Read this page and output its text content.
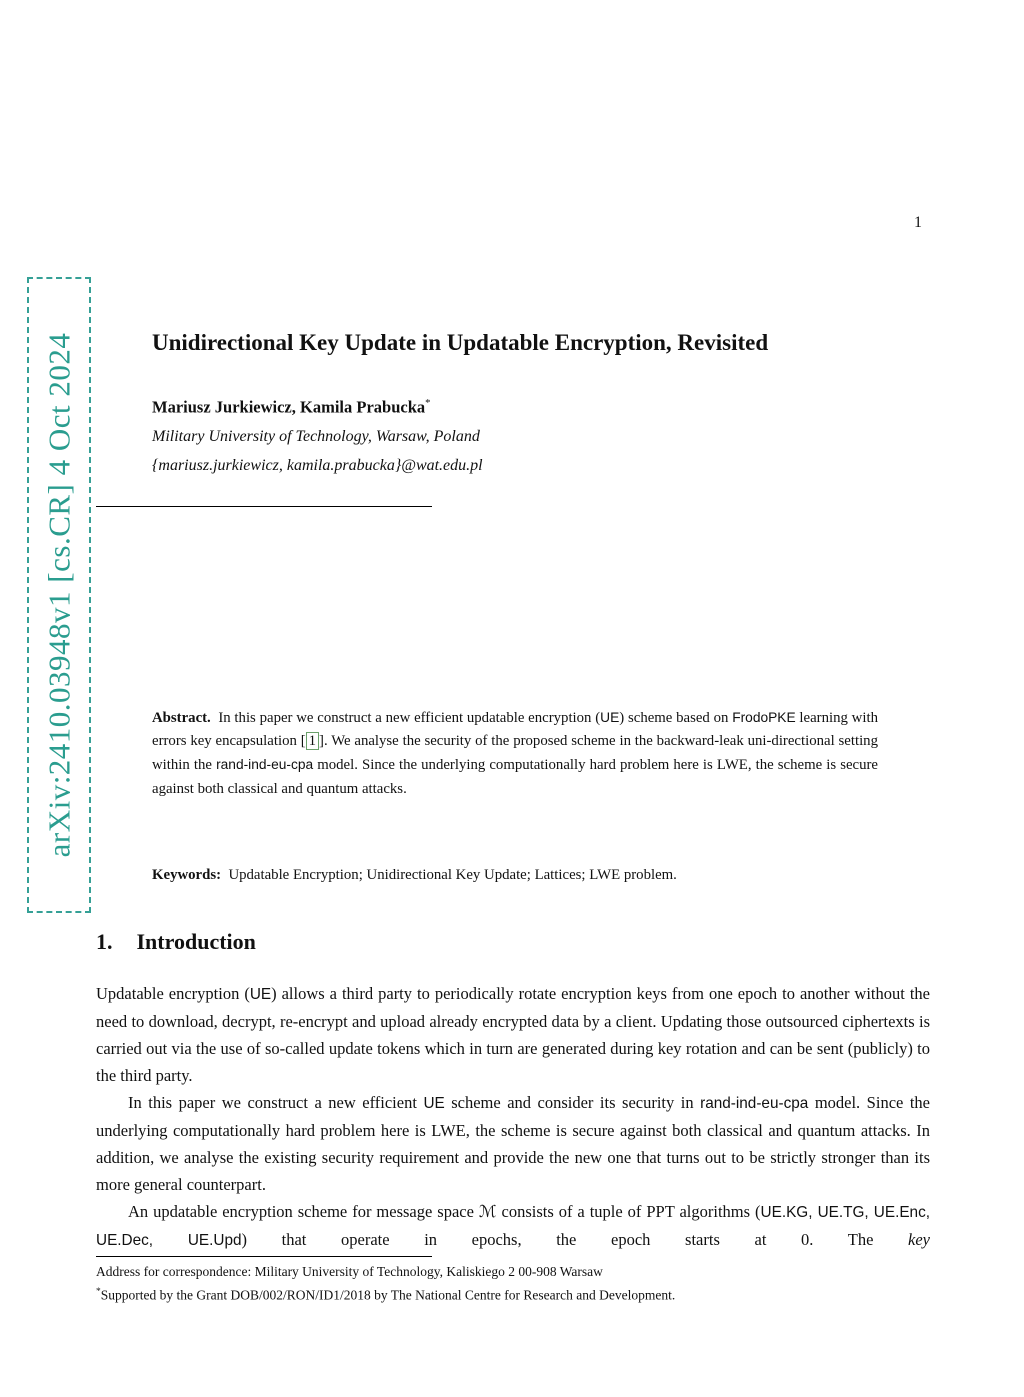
1
arXiv:2410.03948v1 [cs.CR] 4 Oct 2024	Unidirectional Key Update in Updatable Encryption, Revisited
Mariusz Jurkiewicz, Kamila Prabucka*
Military University of Technology, Warsaw, Poland
{mariusz.jurkiewicz, kamila.prabucka}@wat.edu.pl

Abstract.  In this paper we construct a new efficient updatable encryption (UE) scheme based on FrodoPKE learning with errors key encapsulation [ 1 ]. We analyse the security of the proposed scheme in the backward-leak uni-directional setting within the rand-ind-eu-cpa model. Since the underlying computationally hard problem here is LWE, the scheme is secure against both classical and quantum attacks.

Keywords:  Updatable Encryption; Unidirectional Key Update; Lattices; LWE problem.

1. Introduction

Updatable encryption (UE) allows a third party to periodically rotate encryption keys from one epoch to another without the need to download, decrypt, re-encrypt and upload already encrypted data by a client. Updating those outsourced ciphertexts is carried out via the use of so-called update tokens which in turn are generated during key rotation and can be sent (publicly) to the third party.

In this paper we construct a new efficient UE scheme and consider its security in rand-ind-eu-cpa model. Since the underlying computationally hard problem here is LWE, the scheme is secure against both classical and quantum attacks. In addition, we analyse the existing security requirement and provide the new one that turns out to be strictly stronger than its more general counterpart.

An updatable encryption scheme for message space ℳ consists of a tuple of PPT algorithms (UE.KG, UE.TG, UE.Enc, UE.Dec, UE.Upd) that operate in epochs, the epoch starts at 0. The key

Address for correspondence: Military University of Technology, Kaliskiego 2 00-908 Warsaw

*Supported by the Grant DOB/002/RON/ID1/2018 by The National Centre for Research and Development.
